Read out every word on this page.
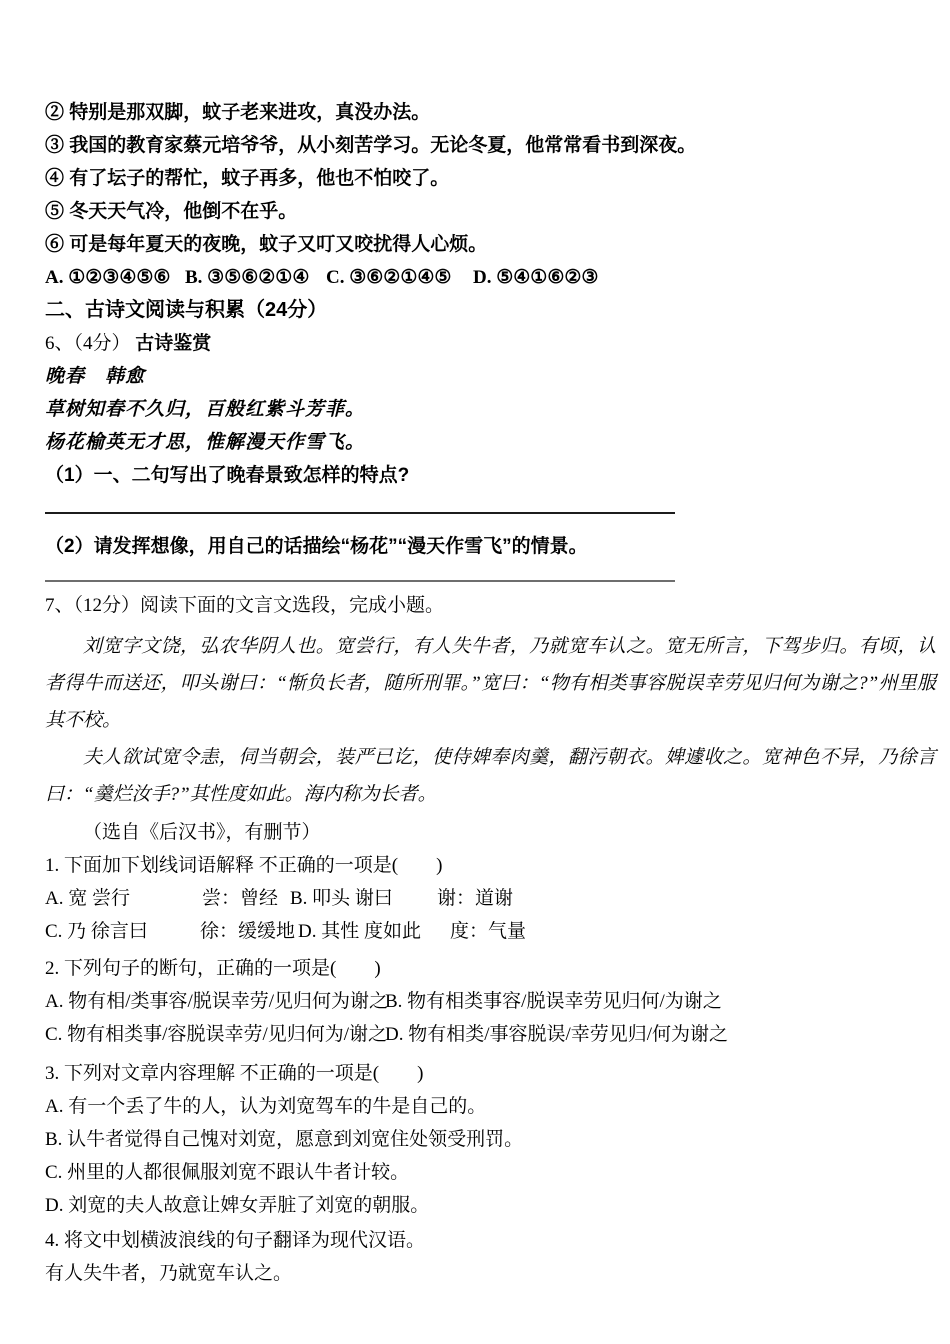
② 特别是那双脚，蚊子老来进攻，真没办法。
③ 我国的教育家蔡元培爷爷，从小刻苦学习。无论冬夏，他常常看书到深夜。
④ 有了坛子的帮忙，蚊子再多，他也不怕咬了。
⑤ 冬天天气冷，他倒不在乎。
⑥ 可是每年夏天的夜晚，蚊子又叮又咬扰得人心烦。
A. ①②③④⑤⑥ B. ③⑤⑥②①④ C. ③⑥②①④⑤ D. ⑤④①⑥②③
二、古诗文阅读与积累（24分）
6、（4分） 古诗鉴赏
晚春　韩愈
草树知春不久归，百般红紫斗芳菲。
杨花榆英无才思，惟解漫天作雪飞。
（1）一、二句写出了晚春景致怎样的特点?
（2）请发挥想像，用自己的话描绘“杨花”“漫天作雪飞”的情景。
7、（12分）阅读下面的文言文选段，完成小题。

刘宽字文饶，弘农华阴人也。宽尝行，有人失牛者，乃就宽车认之。宽无所言，下驾步归。有顷，认者得牛而送还，叩头谢曰：“惭负长者，随所刑罪。”宽曰：“物有相类事容脱误幸劳见归何为谢之?”州里服其不校。

夫人欲试宽令恚，伺当朝会，装严已讫，使侍婢奉肉羹，翻污朝衣。婢遽收之。宽神色不异，乃徐言曰：“羹烂汝手?”其性度如此。海内称为长者。

（选自《后汉书》，有删节）
1. 下面加下划线词语解释 不正确的一项是(　　)
A. 宽 尝行	尝：曾经 B. 叩头 谢曰 谢：道谢
C. 乃 徐言曰	徐：缓缓地 D. 其性 度如此 度：气量
2. 下列句子的断句，正确的一项是(　　)
A. 物有相/类事容/脱误幸劳/见归何为谢之
B. 物有相类事容/脱误幸劳见归何/为谢之
C. 物有相类事/容脱误幸劳/见归何为/谢之
D. 物有相类/事容脱误/幸劳见归/何为谢之
3. 下列对文章内容理解 不正确的一项是(　　)
A. 有一个丢了牛的人，认为刘宽驾车的牛是自己的。
B. 认牛者觉得自己愧对刘宽，愿意到刘宽住处领受刑罚。
C. 州里的人都很佩服刘宽不跟认牛者计较。
D. 刘宽的夫人故意让婢女弄脏了刘宽的朝服。
4. 将文中划横波浪线的句子翻译为现代汉语。
有人失牛者，乃就宽车认之。
